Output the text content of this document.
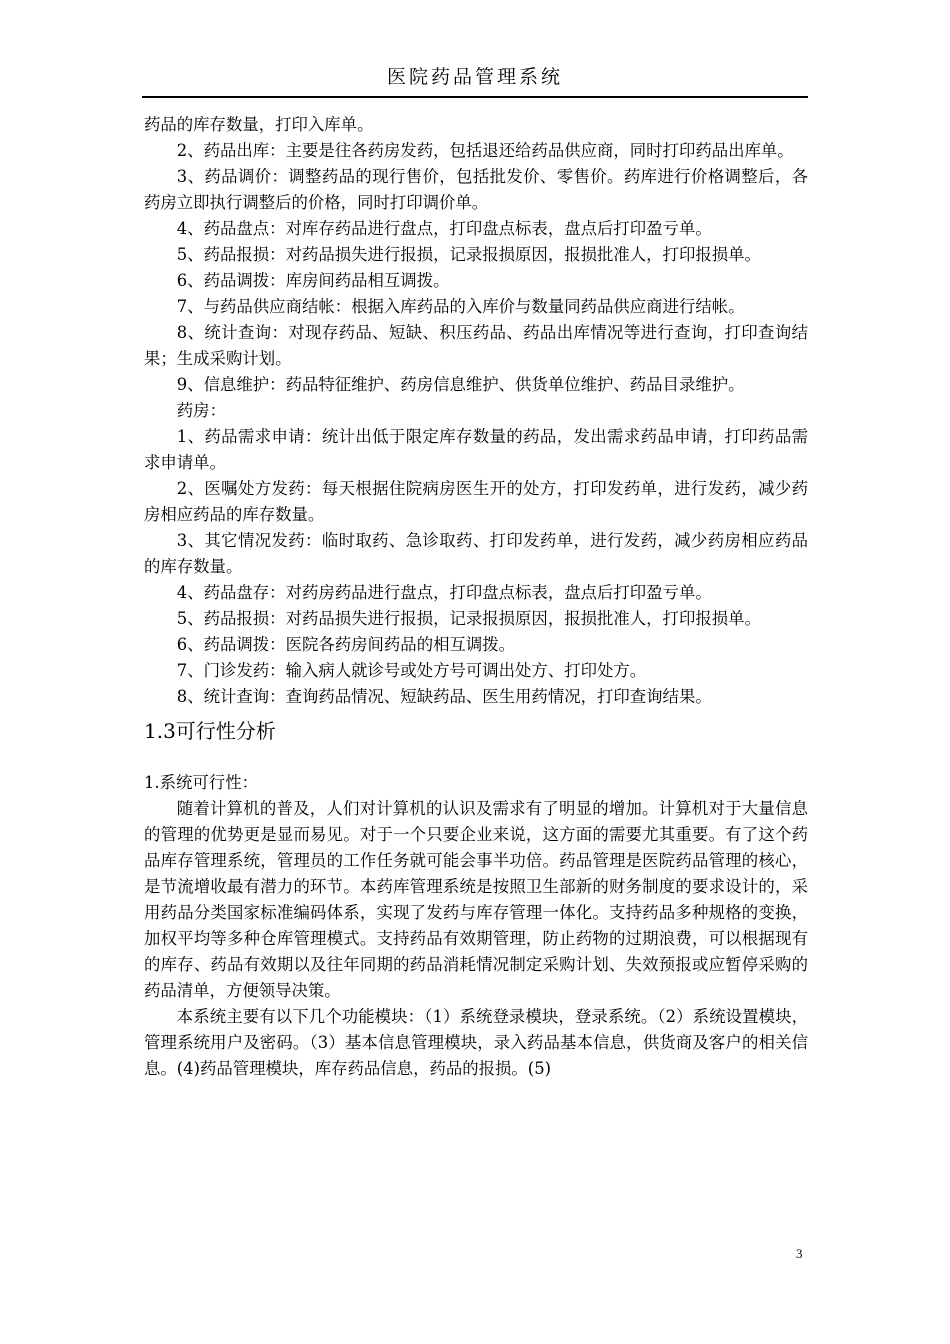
医院药品管理系统

药品的库存数量，打印入库单。

2、药品出库：主要是往各药房发药，包括退还给药品供应商，同时打印药品出库单。

3、药品调价：调整药品的现行售价，包括批发价、零售价。药库进行价格调整后，各药房立即执行调整后的价格，同时打印调价单。

4、药品盘点：对库存药品进行盘点，打印盘点标表，盘点后打印盈亏单。

5、药品报损：对药品损失进行报损，记录报损原因，报损批准人，打印报损单。

6、药品调拨：库房间药品相互调拨。

7、与药品供应商结帐：根据入库药品的入库价与数量同药品供应商进行结帐。

8、统计查询：对现存药品、短缺、积压药品、药品出库情况等进行查询，打印查询结果；生成采购计划。

9、信息维护：药品特征维护、药房信息维护、供货单位维护、药品目录维护。

药房：

1、药品需求申请：统计出低于限定库存数量的药品，发出需求药品申请，打印药品需求申请单。

2、医嘱处方发药：每天根据住院病房医生开的处方，打印发药单，进行发药，减少药房相应药品的库存数量。

3、其它情况发药：临时取药、急诊取药、打印发药单，进行发药，减少药房相应药品的库存数量。

4、药品盘存：对药房药品进行盘点，打印盘点标表，盘点后打印盈亏单。

5、药品报损：对药品损失进行报损，记录报损原因，报损批准人，打印报损单。

6、药品调拨：医院各药房间药品的相互调拨。

7、门诊发药：输入病人就诊号或处方号可调出处方、打印处方。

8、统计查询：查询药品情况、短缺药品、医生用药情况，打印查询结果。

1.3可行性分析

1.系统可行性：

随着计算机的普及，人们对计算机的认识及需求有了明显的增加。计算机对于大量信息的管理的优势更是显而易见。对于一个只要企业来说，这方面的需要尤其重要。有了这个药品库存管理系统，管理员的工作任务就可能会事半功倍。药品管理是医院药品管理的核心，是节流增收最有潜力的环节。本药库管理系统是按照卫生部新的财务制度的要求设计的，采用药品分类国家标准编码体系，实现了发药与库存管理一体化。支持药品多种规格的变换，加权平均等多种仓库管理模式。支持药品有效期管理，防止药物的过期浪费，可以根据现有的库存、药品有效期以及往年同期的药品消耗情况制定采购计划、失效预报或应暂停采购的药品清单，方便领导决策。

本系统主要有以下几个功能模块：（1）系统登录模块，登录系统。（2）系统设置模块，管理系统用户及密码。（3）基本信息管理模块，录入药品基本信息，供货商及客户的相关信息。(4)药品管理模块，库存药品信息，药品的报损。(5)

3
